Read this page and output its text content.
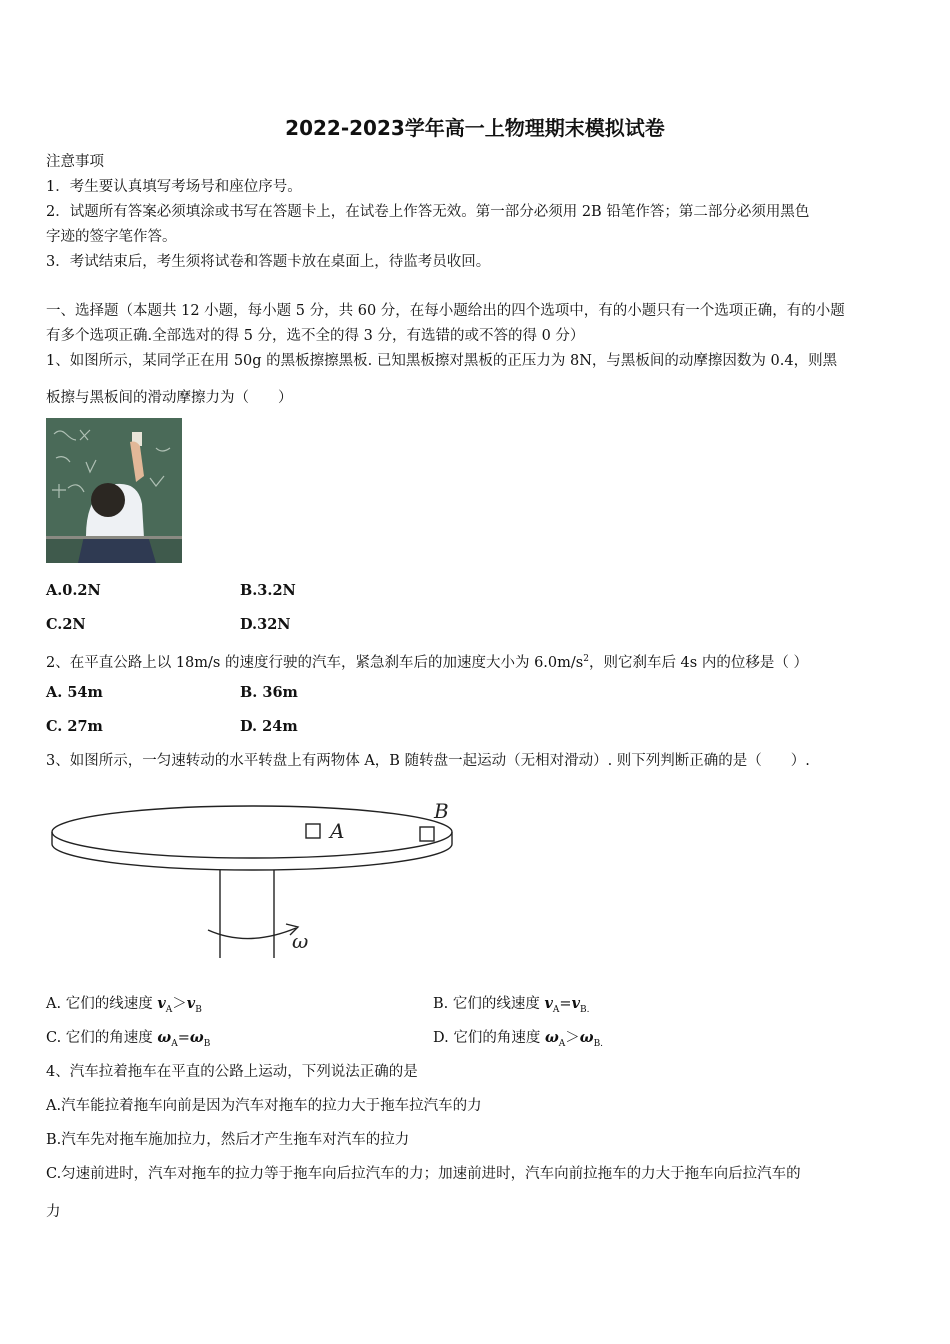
2022-2023学年高一上物理期末模拟试卷
注意事项
1．考生要认真填写考场号和座位序号。
2．试题所有答案必须填涂或书写在答题卡上，在试卷上作答无效。第一部分必须用 2B 铅笔作答；第二部分必须用黑色
字迹的签字笔作答。
3．考试结束后，考生须将试卷和答题卡放在桌面上，待监考员收回。
一、选择题（本题共 12 小题，每小题 5 分，共 60 分，在每小题给出的四个选项中，有的小题只有一个选项正确，有的小题
有多个选项正确.全部选对的得 5 分，选不全的得 3 分，有选错的或不答的得 0 分）
1、如图所示，某同学正在用 50g 的黑板擦擦黑板. 已知黑板擦对黑板的正压力为 8N，与黑板间的动摩擦因数为 0.4，则黑
板擦与黑板间的滑动摩擦力为（　　）
A.0.2N	B.3.2N
C.2N	D.32N
2、在平直公路上以 18m/s 的速度行驶的汽车，紧急刹车后的加速度大小为 $6.0m/s^2$，则它刹车后 4s 内的位移是（ ）
A. 54m	B. 36m
C. 27m	D. 24m
3、如图所示，一匀速转动的水平转盘上有两物体 A，B 随转盘一起运动（无相对滑动）. 则下列判断正确的是（　　）.
A
B
ω
A. 它们的线速度 $v_A>v_B$	B. 它们的线速度 $v_A=v_{B.}$
C. 它们的角速度 $\omega_A=\omega_B$	D. 它们的角速度 $\omega_A>\omega_{B.}$
4、汽车拉着拖车在平直的公路上运动，下列说法正确的是
A.汽车能拉着拖车向前是因为汽车对拖车的拉力大于拖车拉汽车的力
B.汽车先对拖车施加拉力，然后才产生拖车对汽车的拉力
C.匀速前进时，汽车对拖车的拉力等于拖车向后拉汽车的力；加速前进时，汽车向前拉拖车的力大于拖车向后拉汽车的
力
